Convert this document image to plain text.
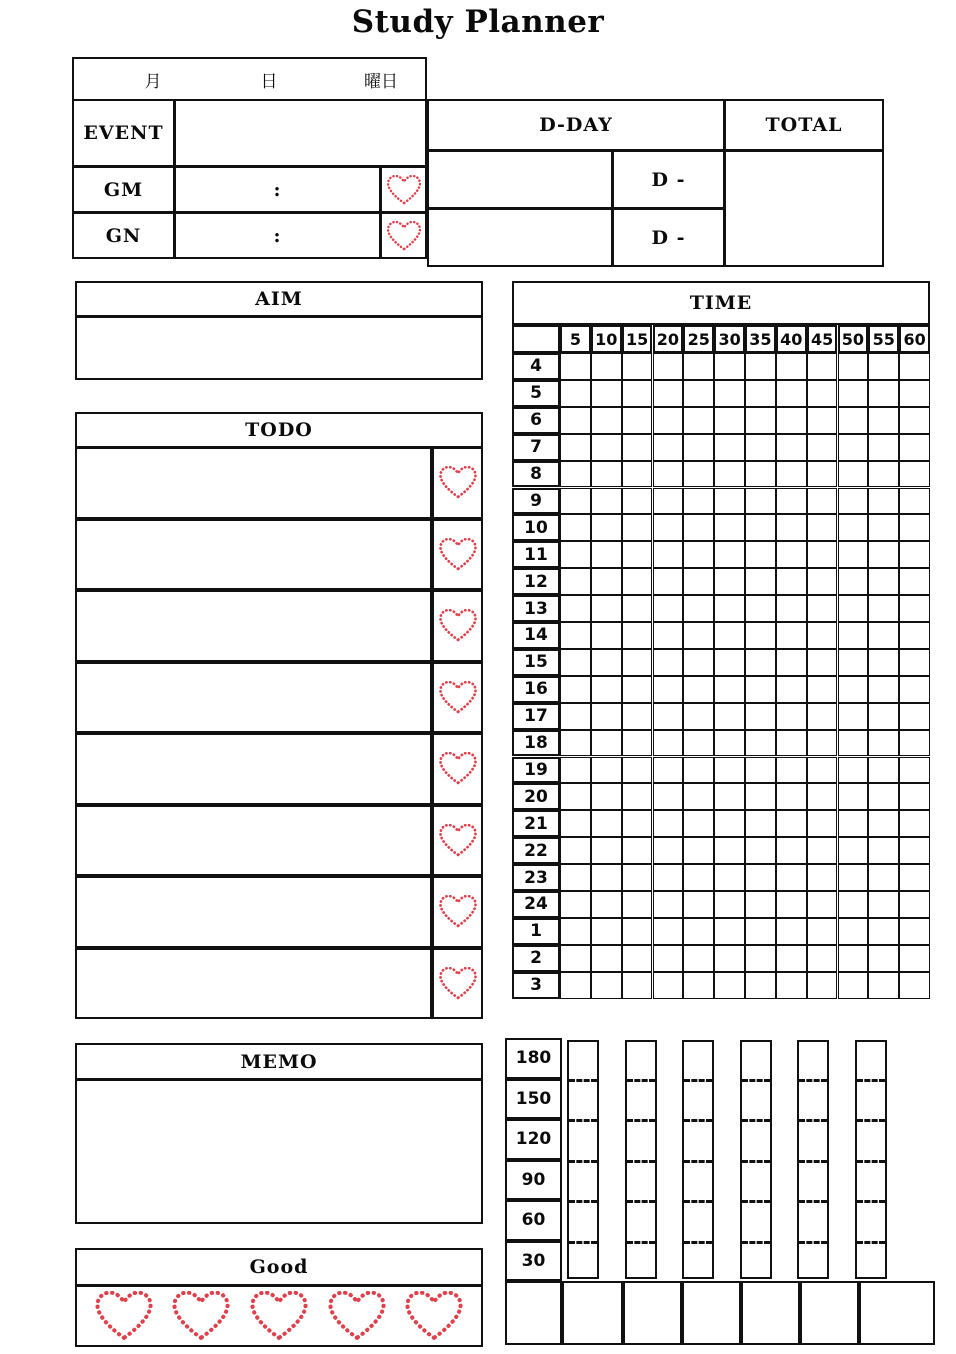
Study Planner
月	日	曜日
EVENT
GM	:
GN	:
D-DAY
D -
D -
TOTAL
AIM
TODO
MEMO
Good
TIME
5 10 15 20 25 30 35 40 45 50 55 60
4
5
6
7
8
9
10
11
12
13
14
15
16
17
18
19
20
21
22
23
24
1
2
3
180
150
120
90
60
30
